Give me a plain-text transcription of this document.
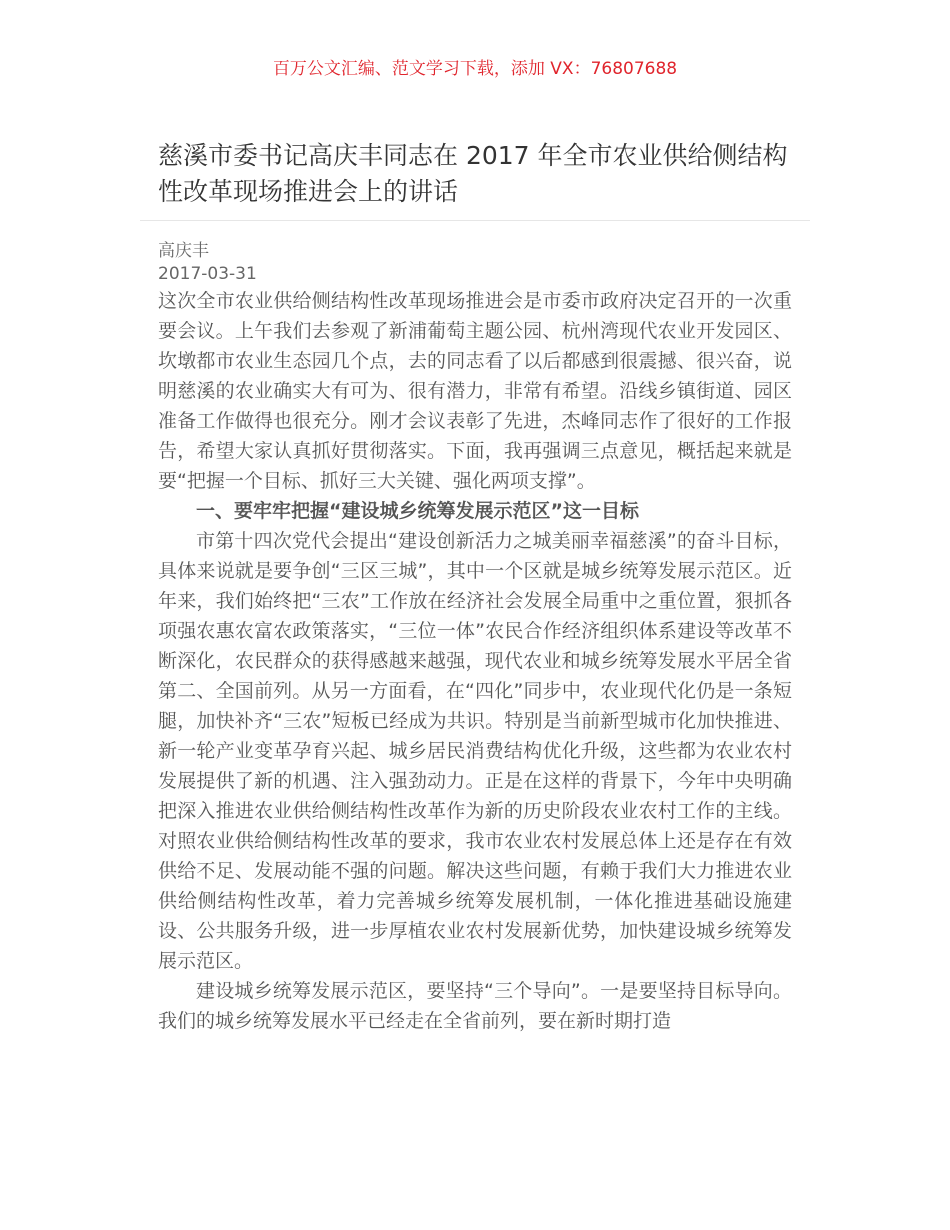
百万公文汇编、范文学习下载，添加 VX：76807688
慈溪市委书记高庆丰同志在 2017 年全市农业供给侧结构性改革现场推进会上的讲话
高庆丰
2017-03-31

这次全市农业供给侧结构性改革现场推进会是市委市政府决定召开的一次重要会议。上午我们去参观了新浦葡萄主题公园、杭州湾现代农业开发园区、坎墩都市农业生态园几个点，去的同志看了以后都感到很震撼、很兴奋，说明慈溪的农业确实大有可为、很有潜力，非常有希望。沿线乡镇街道、园区准备工作做得也很充分。刚才会议表彰了先进，杰峰同志作了很好的工作报告，希望大家认真抓好贯彻落实。下面，我再强调三点意见，概括起来就是要“把握一个目标、抓好三大关键、强化两项支撑”。

一、要牢牢把握“建设城乡统筹发展示范区”这一目标

市第十四次党代会提出“建设创新活力之城美丽幸福慈溪”的奋斗目标，具体来说就是要争创“三区三城”，其中一个区就是城乡统筹发展示范区。近年来，我们始终把“三农”工作放在经济社会发展全局重中之重位置，狠抓各项强农惠农富农政策落实，“三位一体”农民合作经济组织体系建设等改革不断深化，农民群众的获得感越来越强，现代农业和城乡统筹发展水平居全省第二、全国前列。从另一方面看，在“四化”同步中，农业现代化仍是一条短腿，加快补齐“三农”短板已经成为共识。特别是当前新型城市化加快推进、新一轮产业变革孕育兴起、城乡居民消费结构优化升级，这些都为农业农村发展提供了新的机遇、注入强劲动力。正是在这样的背景下，今年中央明确把深入推进农业供给侧结构性改革作为新的历史阶段农业农村工作的主线。对照农业供给侧结构性改革的要求，我市农业农村发展总体上还是存在有效供给不足、发展动能不强的问题。解决这些问题，有赖于我们大力推进农业供给侧结构性改革，着力完善城乡统筹发展机制，一体化推进基础设施建设、公共服务升级，进一步厚植农业农村发展新优势，加快建设城乡统筹发展示范区。

建设城乡统筹发展示范区，要坚持“三个导向”。一是要坚持目标导向。我们的城乡统筹发展水平已经走在全省前列，要在新时期打造
